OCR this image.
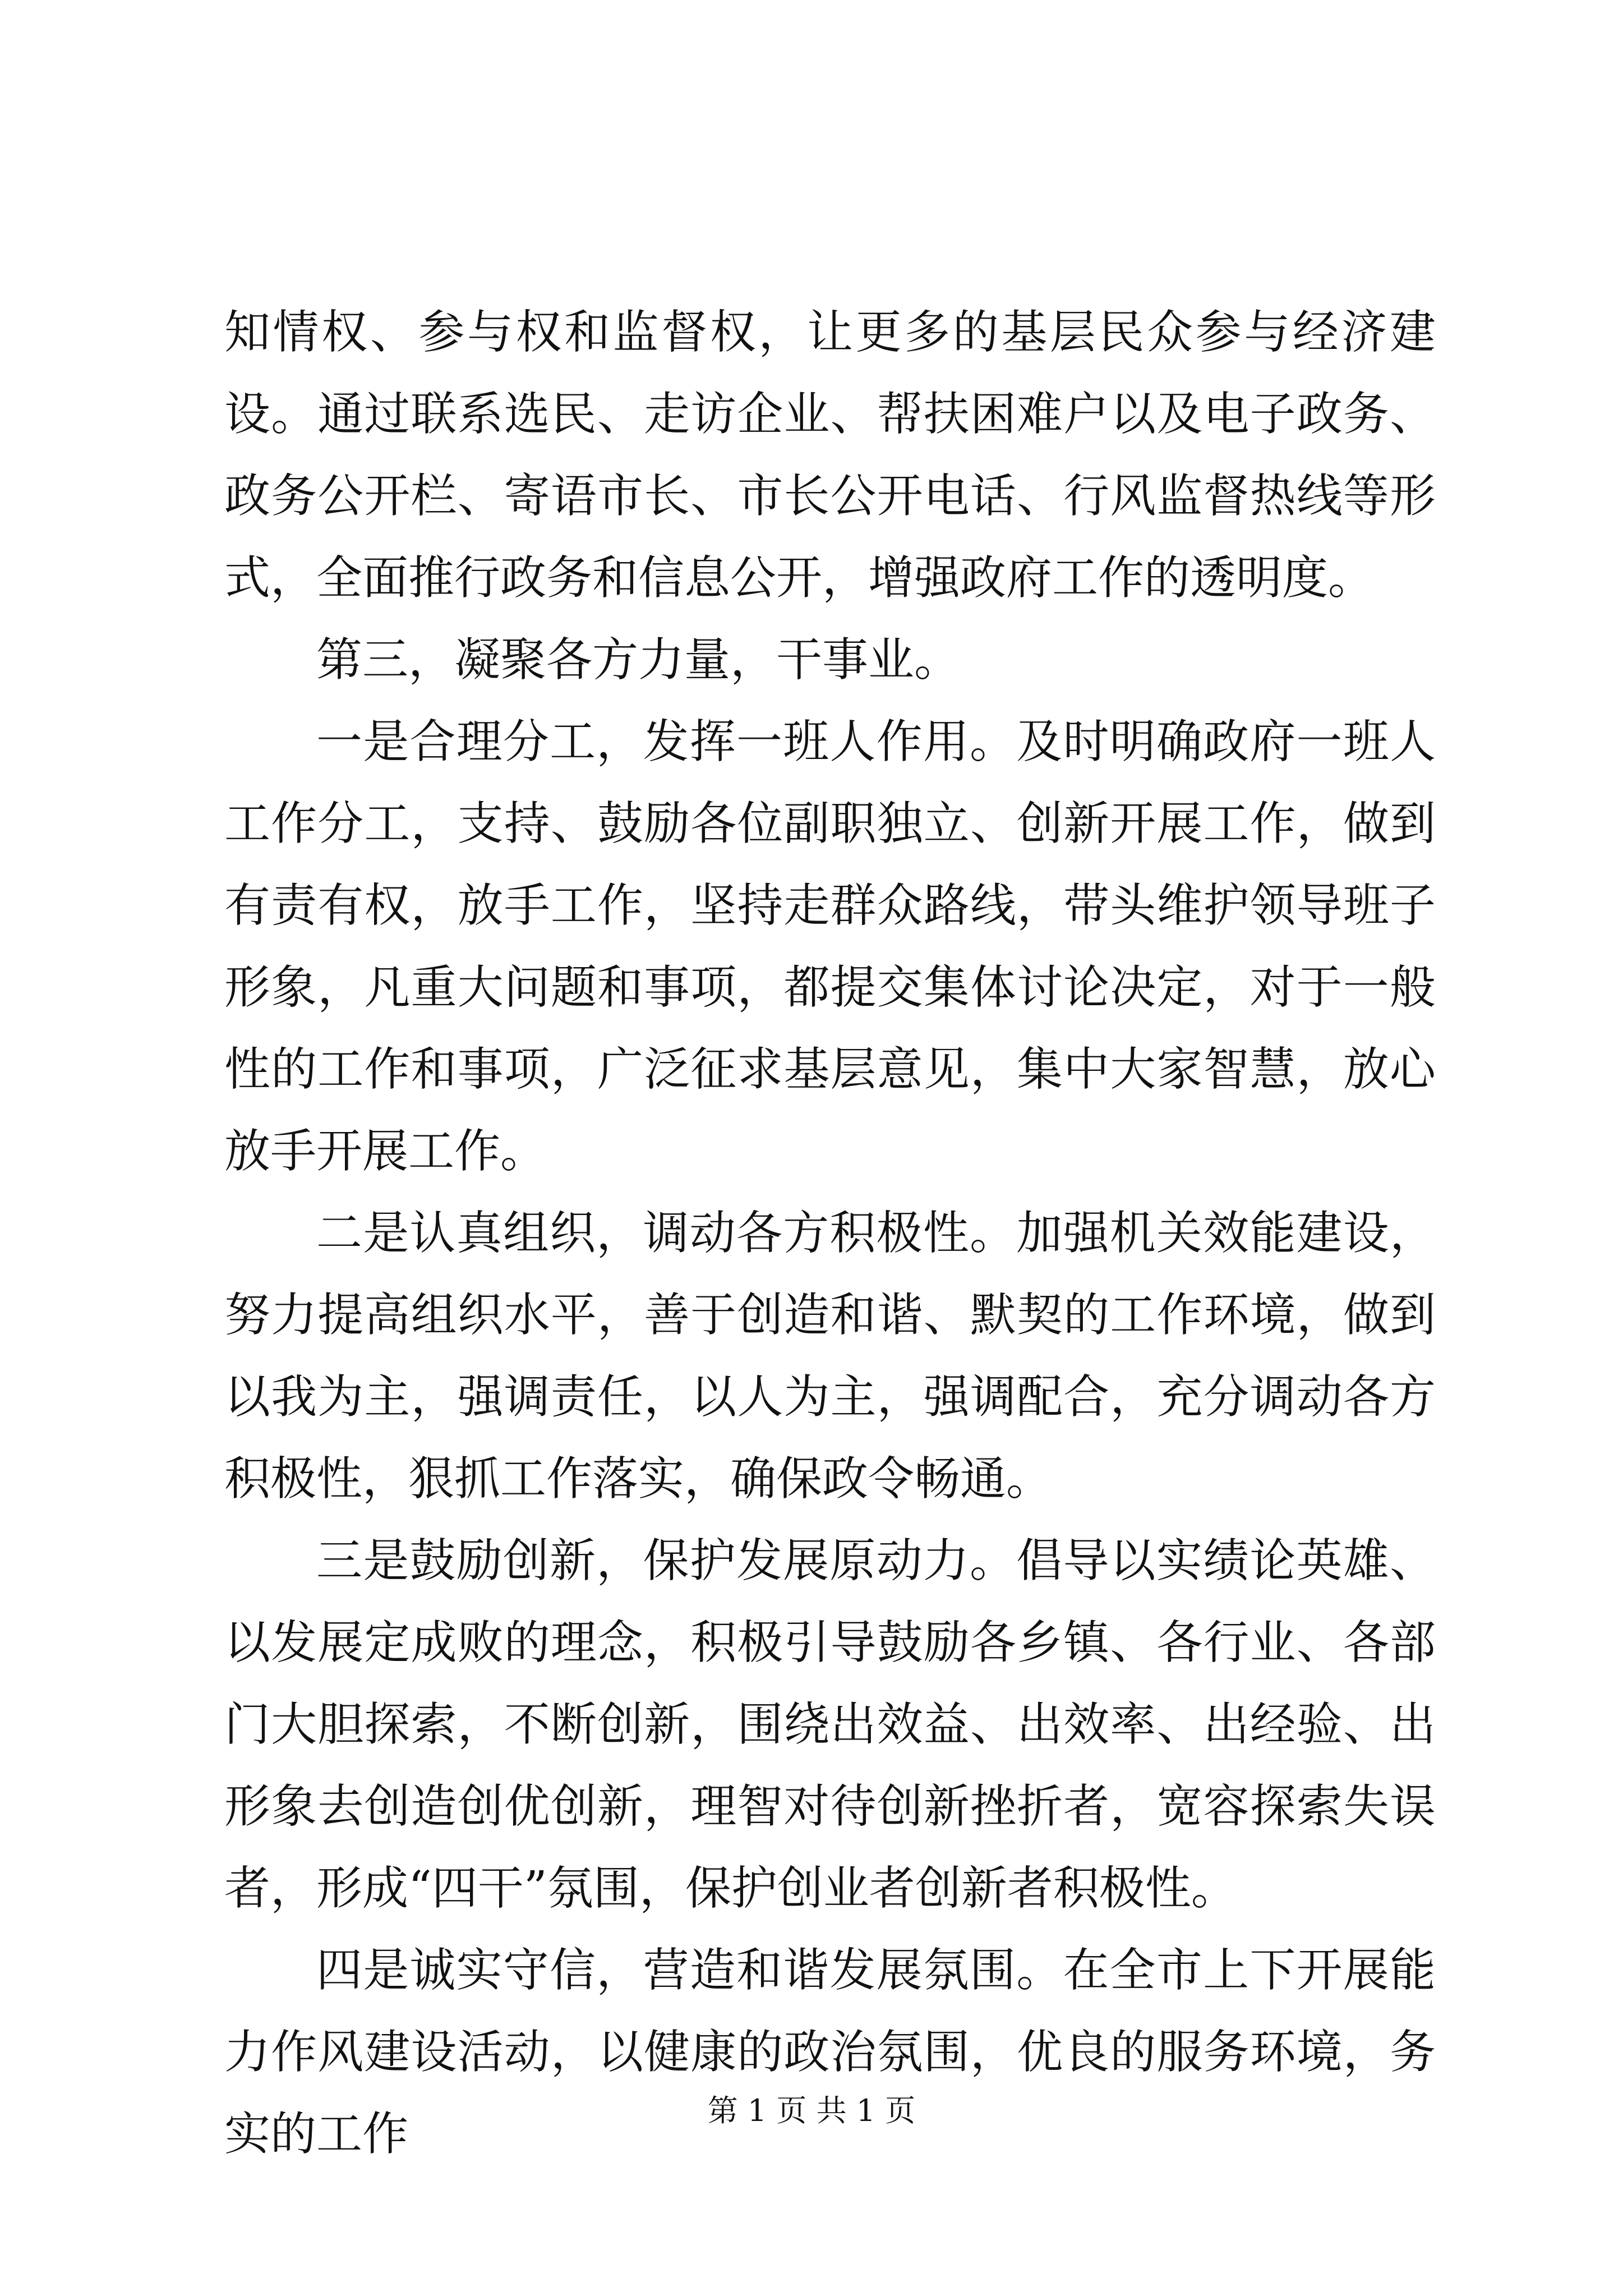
知情权、参与权和监督权，让更多的基层民众参与经济建设。通过联系选民、走访企业、帮扶困难户以及电子政务、政务公开栏、寄语市长、市长公开电话、行风监督热线等形式，全面推行政务和信息公开，增强政府工作的透明度。

第三，凝聚各方力量，干事业。

一是合理分工，发挥一班人作用。及时明确政府一班人工作分工，支持、鼓励各位副职独立、创新开展工作，做到有责有权，放手工作，坚持走群众路线，带头维护领导班子形象，凡重大问题和事项，都提交集体讨论决定，对于一般性的工作和事项，广泛征求基层意见，集中大家智慧，放心放手开展工作。

二是认真组织，调动各方积极性。加强机关效能建设，努力提高组织水平，善于创造和谐、默契的工作环境，做到以我为主，强调责任，以人为主，强调配合，充分调动各方积极性，狠抓工作落实，确保政令畅通。

三是鼓励创新，保护发展原动力。倡导以实绩论英雄、以发展定成败的理念，积极引导鼓励各乡镇、各行业、各部门大胆探索，不断创新，围绕出效益、出效率、出经验、出形象去创造创优创新，理智对待创新挫折者，宽容探索失误者，形成“四干”氛围，保护创业者创新者积极性。

四是诚实守信，营造和谐发展氛围。在全市上下开展能力作风建设活动，以健康的政治氛围，优良的服务环境，务实的工作	第 1 页 共 1 页
